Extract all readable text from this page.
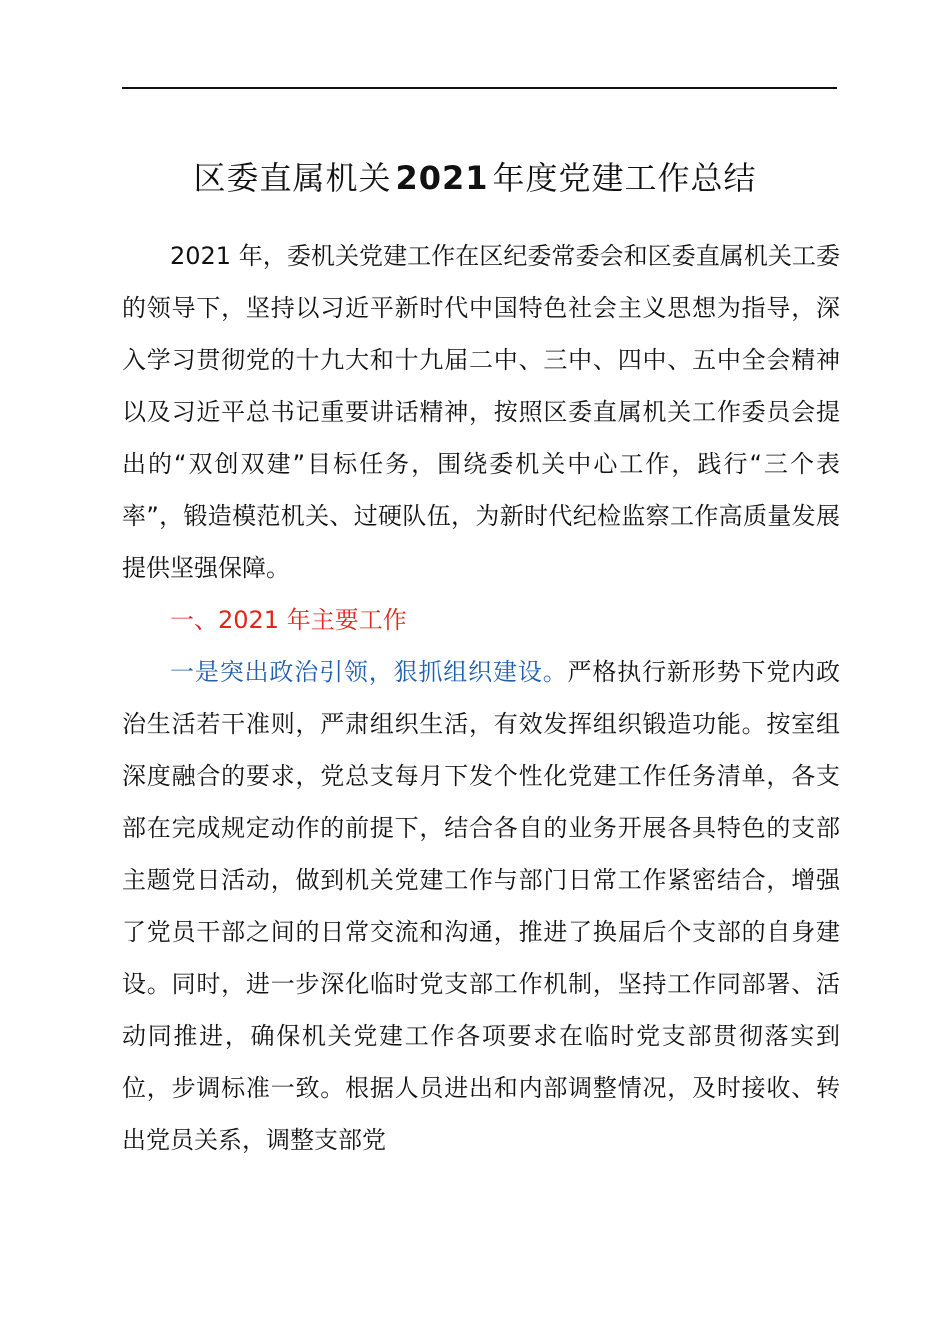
区委直属机关 2021 年度党建工作总结

2021 年，委机关党建工作在区纪委常委会和区委直属机关工委的领导下，坚持以习近平新时代中国特色社会主义思想为指导，深入学习贯彻党的十九大和十九届二中、三中、四中、五中全会精神以及习近平总书记重要讲话精神，按照区委直属机关工作委员会提出的“双创双建”目标任务，围绕委机关中心工作，践行“三个表率”，锻造模范机关、过硬队伍，为新时代纪检监察工作高质量发展提供坚强保障。

一、2021 年主要工作

一是突出政治引领，狠抓组织建设。严格执行新形势下党内政治生活若干准则，严肃组织生活，有效发挥组织锻造功能。按室组深度融合的要求，党总支每月下发个性化党建工作任务清单，各支部在完成规定动作的前提下，结合各自的业务开展各具特色的支部主题党日活动，做到机关党建工作与部门日常工作紧密结合，增强了党员干部之间的日常交流和沟通，推进了换届后个支部的自身建设。同时，进一步深化临时党支部工作机制，坚持工作同部署、活动同推进，确保机关党建工作各项要求在临时党支部贯彻落实到位，步调标准一致。根据人员进出和内部调整情况，及时接收、转出党员关系，调整支部党
